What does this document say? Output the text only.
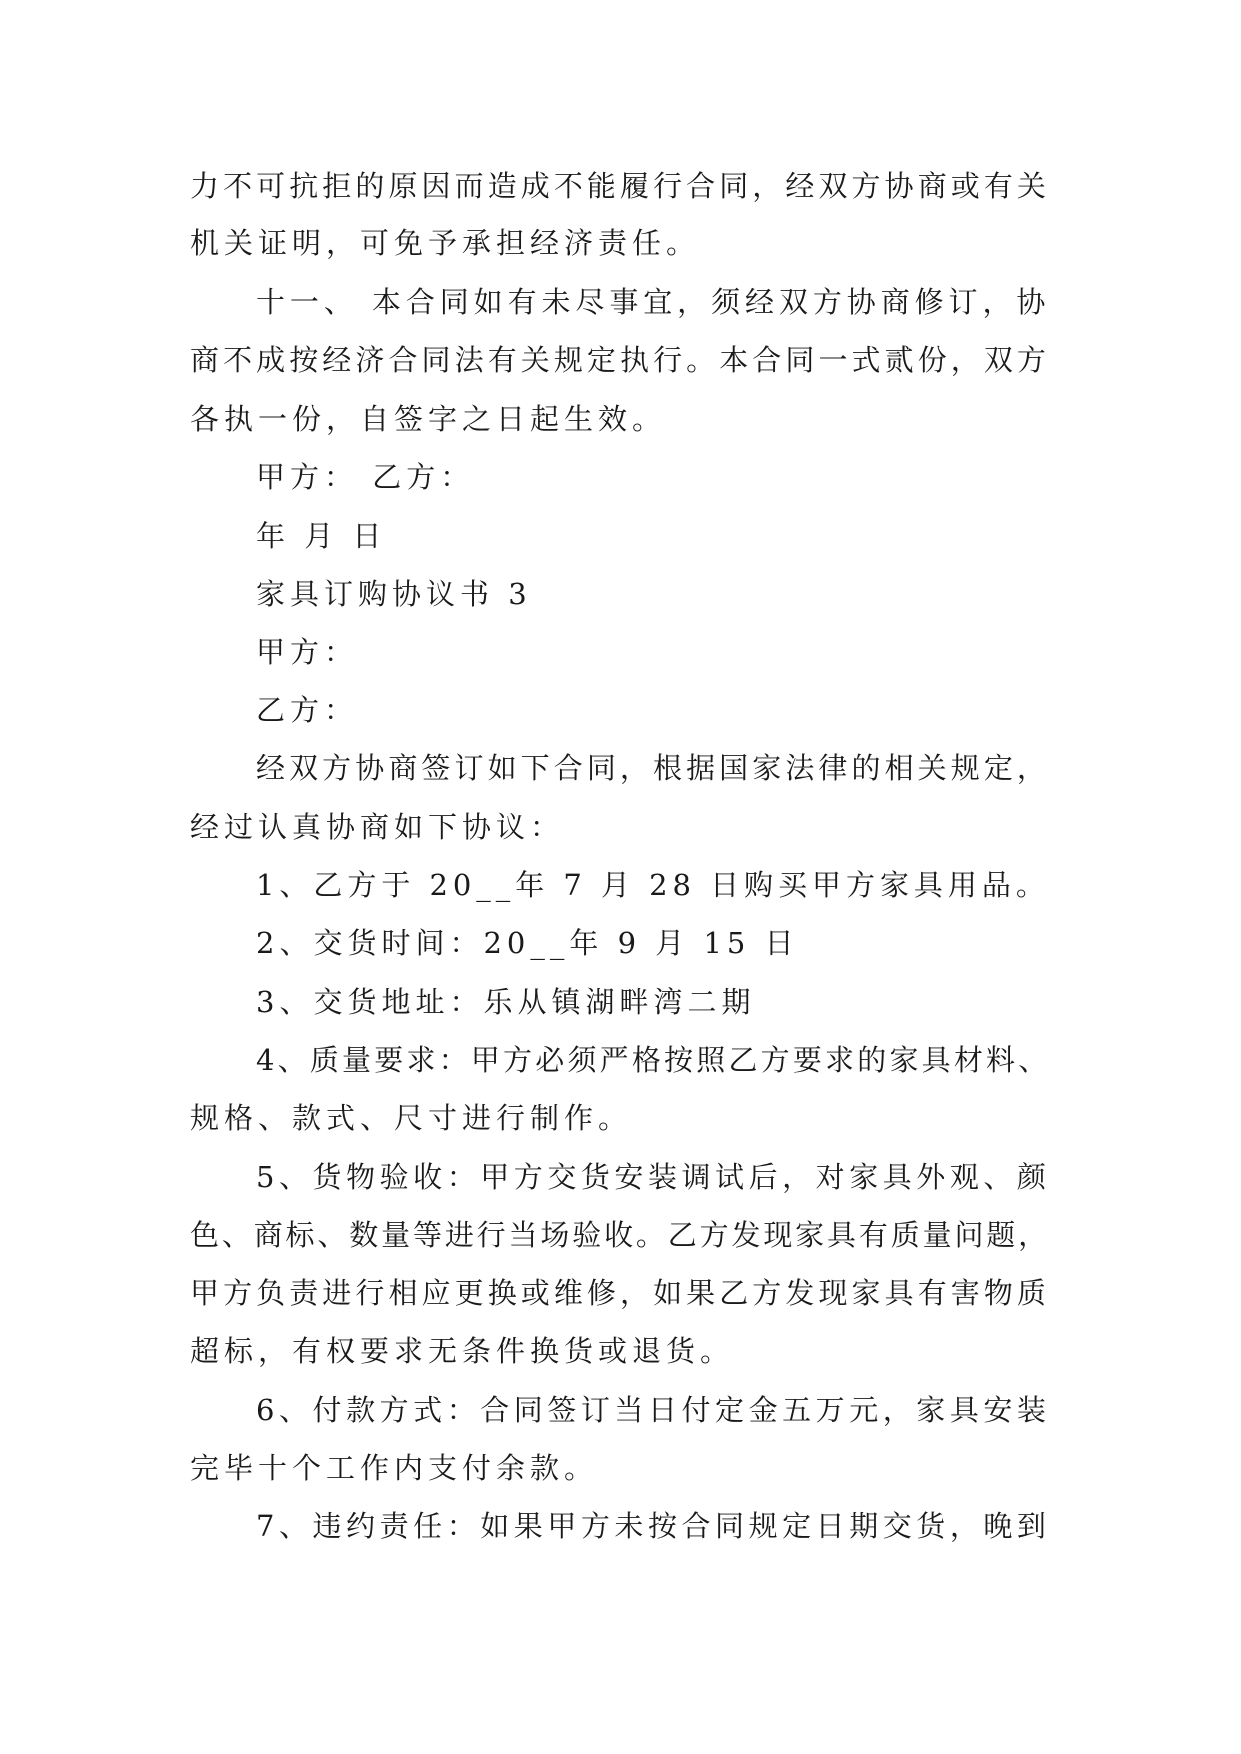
力不可抗拒的原因而造成不能履行合同，经双方协商或有关
机关证明，可免予承担经济责任。
十一、 本合同如有未尽事宜，须经双方协商修订，协
商不成按经济合同法有关规定执行。本合同一式贰份，双方
各执一份，自签字之日起生效。
甲方： 乙方：
年 月 日
家具订购协议书 3
甲方：
乙方：
经双方协商签订如下合同，根据国家法律的相关规定，
经过认真协商如下协议：
1、乙方于 20__年 7 月 28 日购买甲方家具用品。
2、交货时间：20__年 9 月 15 日
3、交货地址：乐从镇湖畔湾二期
4、质量要求：甲方必须严格按照乙方要求的家具材料、
规格、款式、尺寸进行制作。
5、货物验收：甲方交货安装调试后，对家具外观、颜
色、商标、数量等进行当场验收。乙方发现家具有质量问题，
甲方负责进行相应更换或维修，如果乙方发现家具有害物质
超标，有权要求无条件换货或退货。
6、付款方式：合同签订当日付定金五万元，家具安装
完毕十个工作内支付余款。
7、违约责任：如果甲方未按合同规定日期交货，晚到
